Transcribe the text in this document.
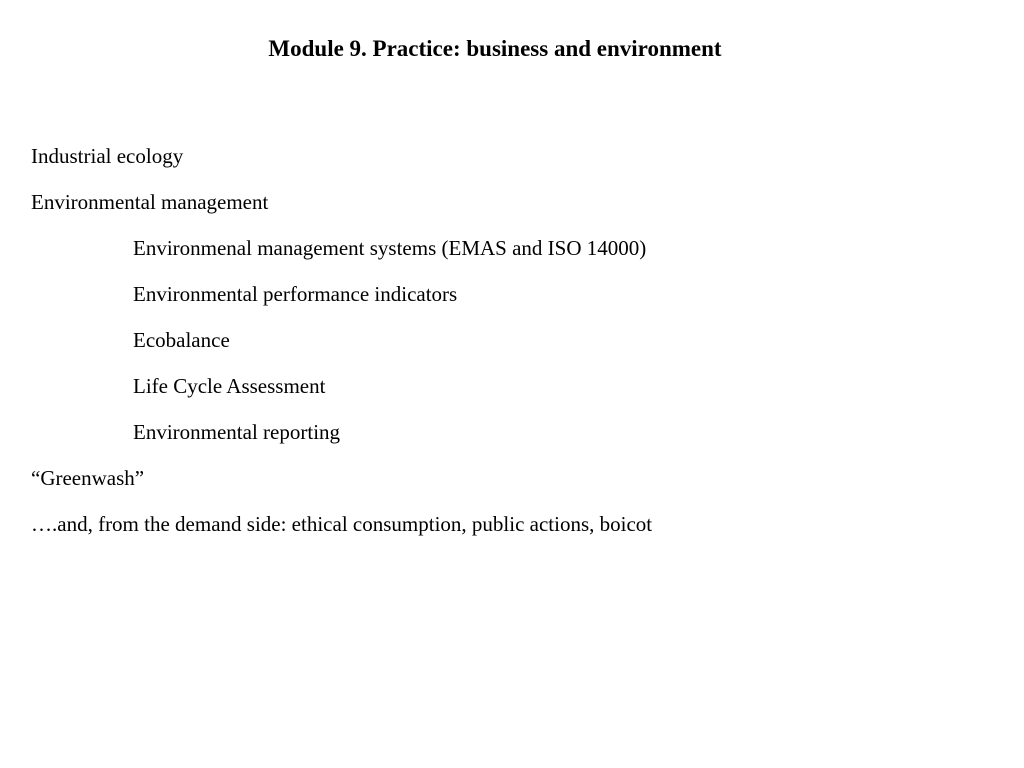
Module 9. Practice: business and environment
Industrial ecology
Environmental management
Environmenal management systems (EMAS and ISO 14000)
Environmental performance indicators
Ecobalance
Life Cycle Assessment
Environmental reporting
“Greenwash”
….and, from the demand side: ethical consumption, public actions, boicot
